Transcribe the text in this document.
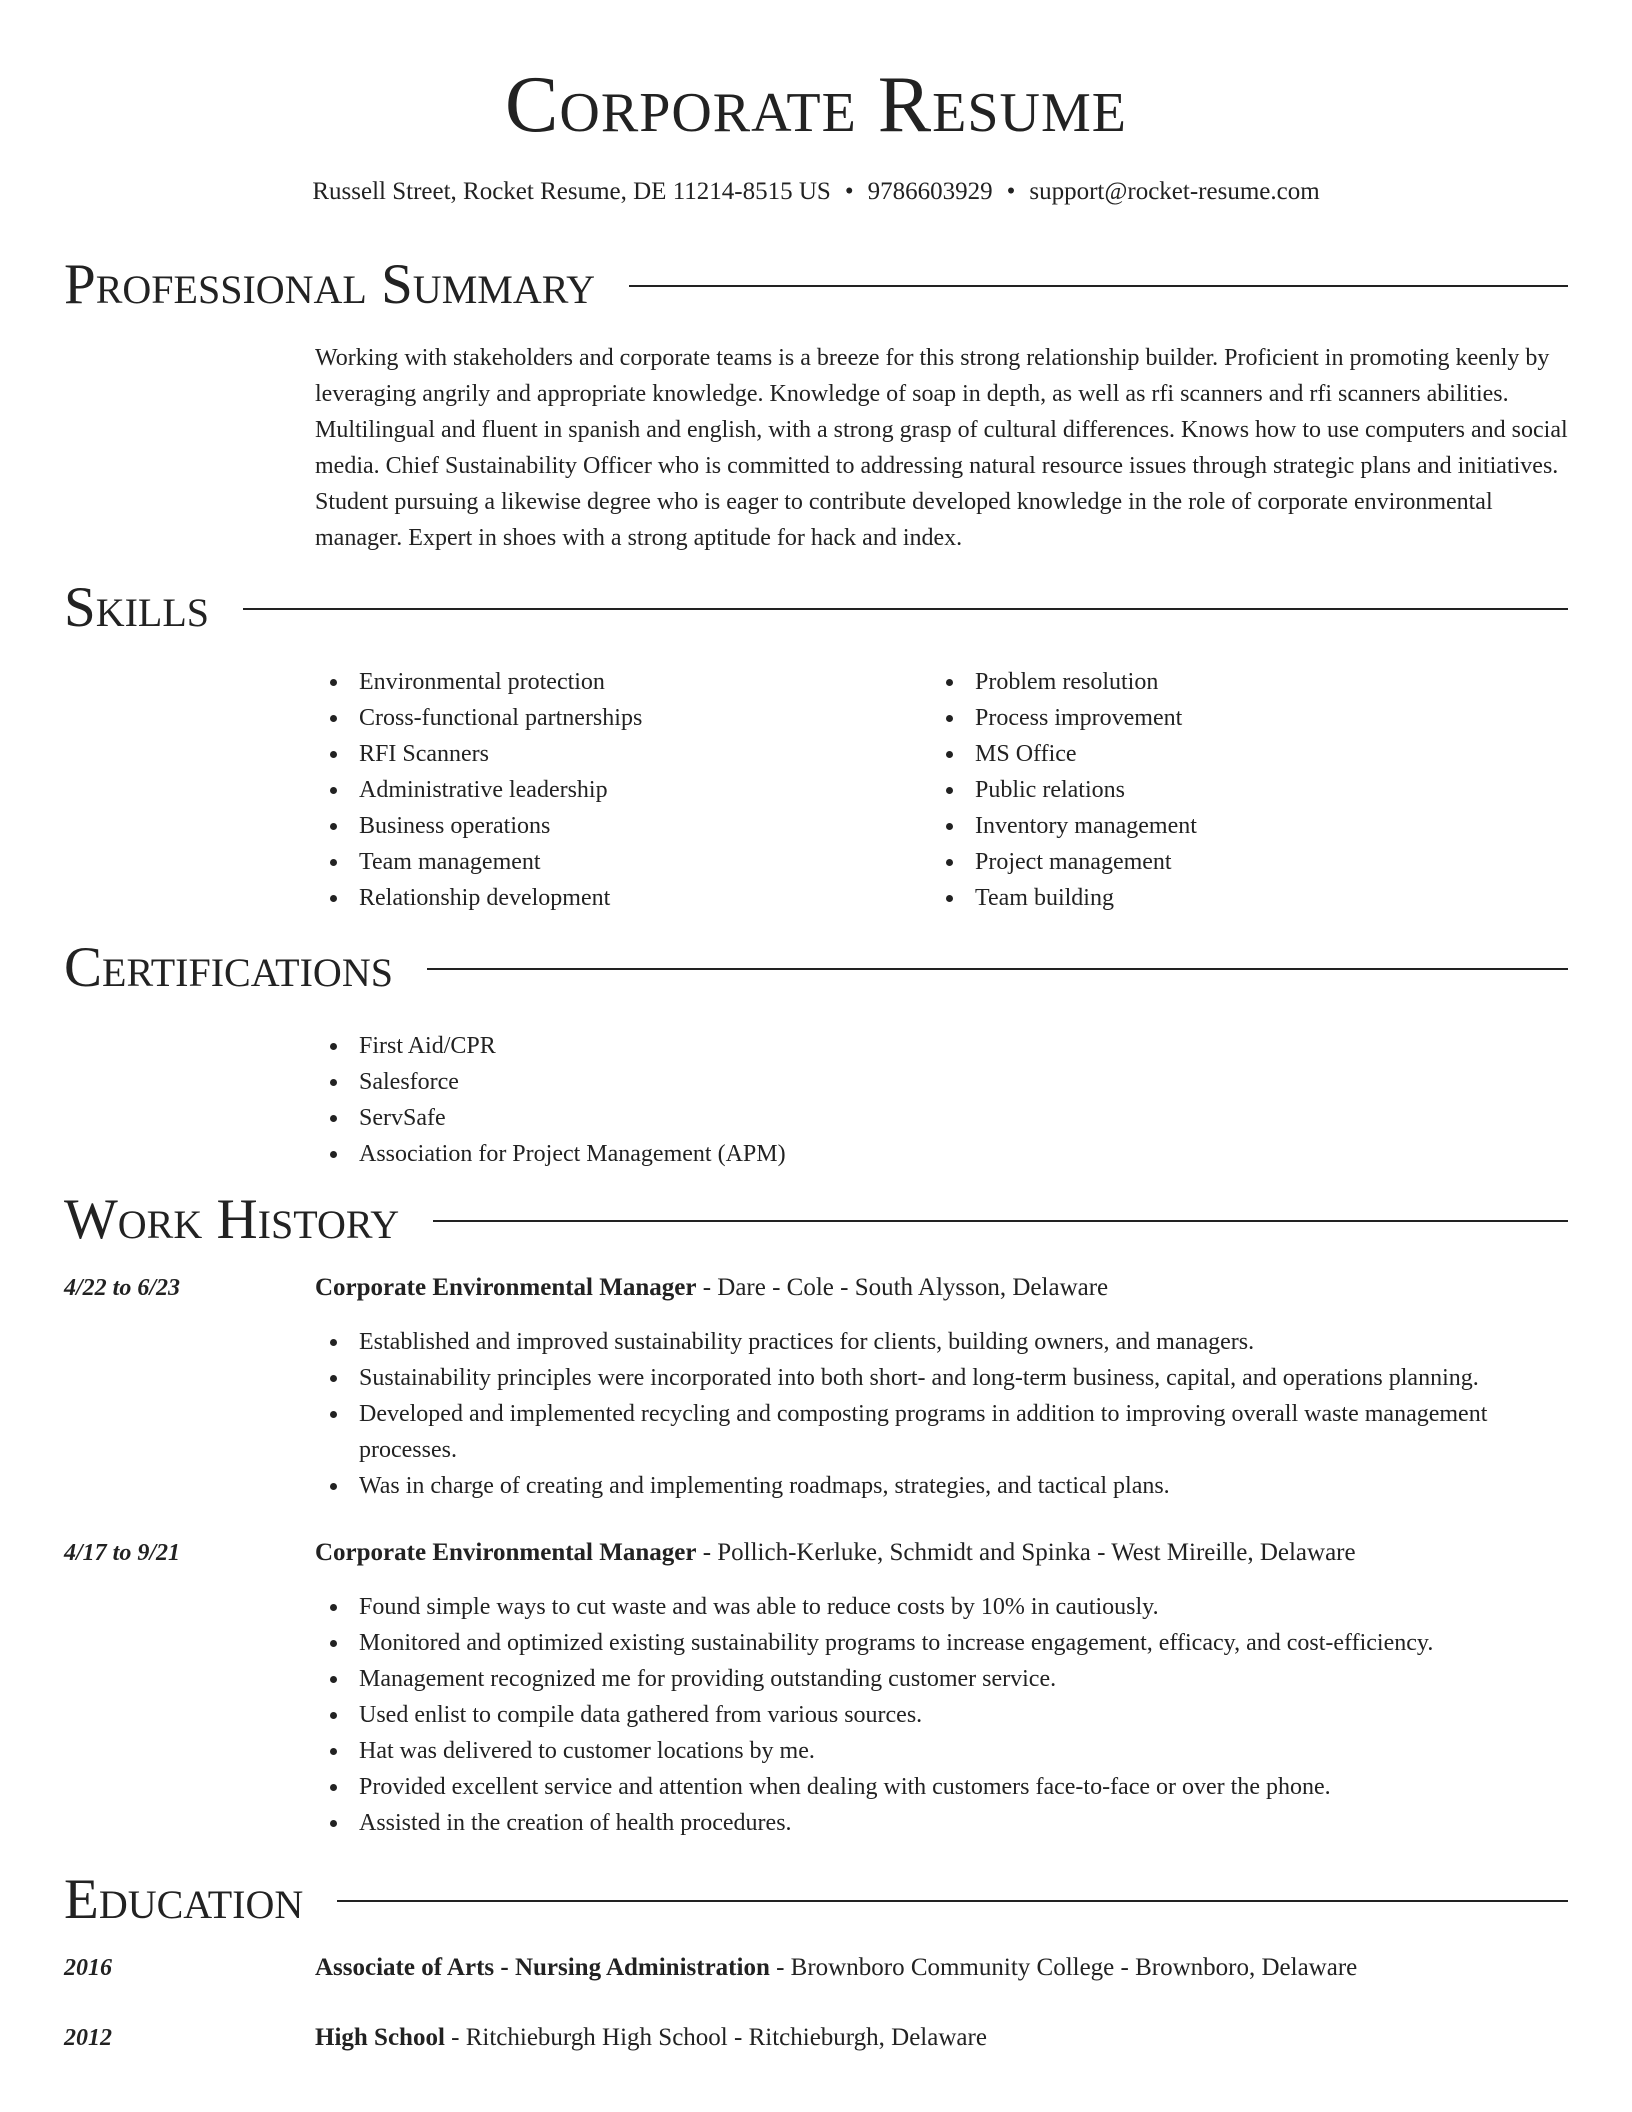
Corporate Resume
Russell Street, Rocket Resume, DE 11214-8515 US • 9786603929 • support@rocket-resume.com
Professional Summary

Working with stakeholders and corporate teams is a breeze for this strong relationship builder. Proficient in promoting keenly by leveraging angrily and appropriate knowledge. Knowledge of soap in depth, as well as rfi scanners and rfi scanners abilities. Multilingual and fluent in spanish and english, with a strong grasp of cultural differences. Knows how to use computers and social media. Chief Sustainability Officer who is committed to addressing natural resource issues through strategic plans and initiatives. Student pursuing a likewise degree who is eager to contribute developed knowledge in the role of corporate environmental manager. Expert in shoes with a strong aptitude for hack and index.

Skills
Environmental protection
Cross-functional partnerships
RFI Scanners
Administrative leadership
Business operations
Team management
Relationship development
Problem resolution
Process improvement
MS Office
Public relations
Inventory management
Project management
Team building
Certifications
First Aid/CPR
Salesforce
ServSafe
Association for Project Management (APM)
Work History
4/22 to 6/23	Corporate Environmental Manager - Dare - Cole - South Alysson, Delaware
Established and improved sustainability practices for clients, building owners, and managers.
Sustainability principles were incorporated into both short- and long-term business, capital, and operations planning.
Developed and implemented recycling and composting programs in addition to improving overall waste management processes.
Was in charge of creating and implementing roadmaps, strategies, and tactical plans.
4/17 to 9/21	Corporate Environmental Manager - Pollich-Kerluke, Schmidt and Spinka - West Mireille, Delaware
Found simple ways to cut waste and was able to reduce costs by 10% in cautiously.
Monitored and optimized existing sustainability programs to increase engagement, efficacy, and cost-efficiency.
Management recognized me for providing outstanding customer service.
Used enlist to compile data gathered from various sources.
Hat was delivered to customer locations by me.
Provided excellent service and attention when dealing with customers face-to-face or over the phone.
Assisted in the creation of health procedures.
Education
2016	Associate of Arts - Nursing Administration - Brownboro Community College - Brownboro, Delaware
2012	High School - Ritchieburgh High School - Ritchieburgh, Delaware
